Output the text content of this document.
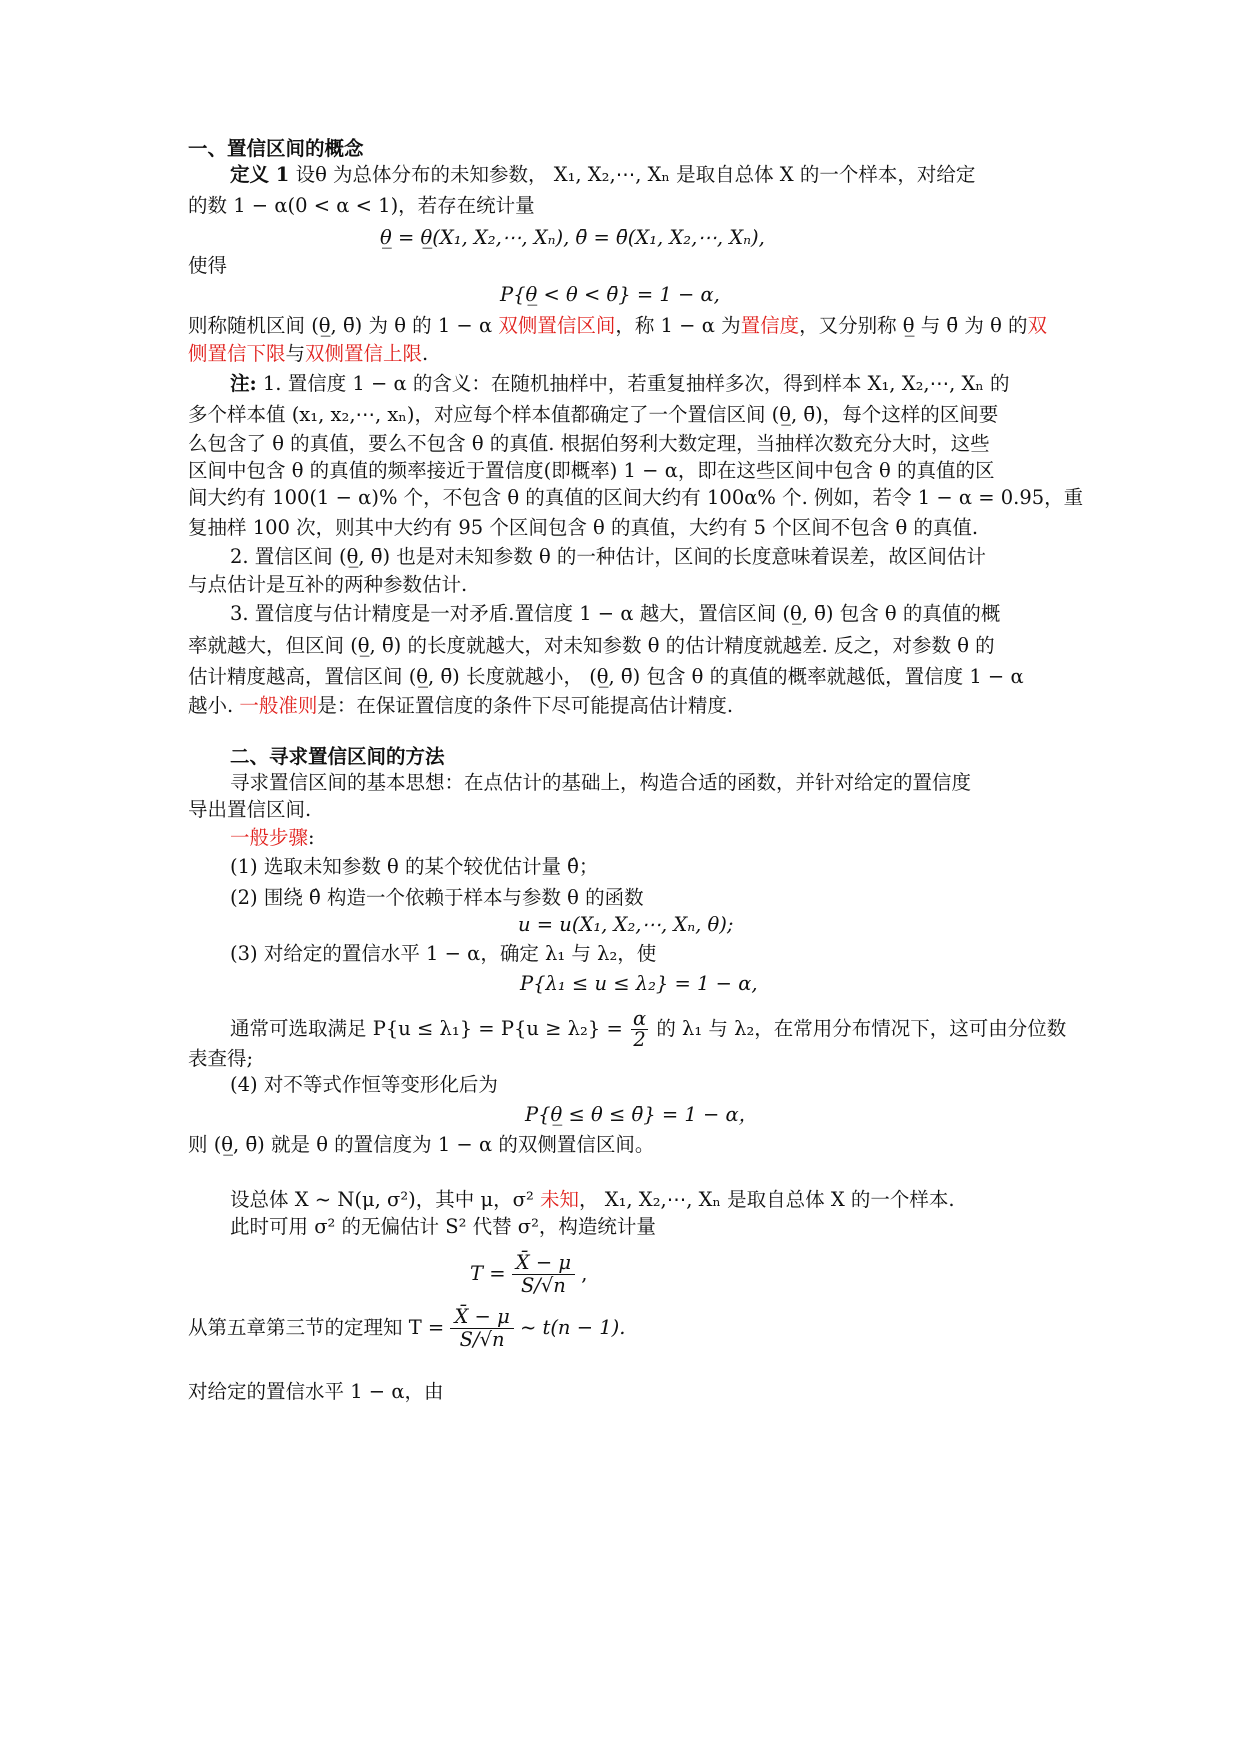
一、置信区间的概念
定义 1 设θ 为总体分布的未知参数， X₁, X₂,⋯, Xₙ 是取自总体 X 的一个样本，对给定
的数 1 − α(0 < α < 1)，若存在统计量
θ̲ = θ̲(X₁, X₂,⋯, Xₙ), θ̄ = θ̄(X₁, X₂,⋯, Xₙ),
使得
P{θ̲ < θ < θ̄} = 1 − α,
则称随机区间 (θ̲, θ̄) 为 θ 的 1 − α 双侧置信区间，称 1 − α 为置信度，又分别称 θ̲ 与 θ̄ 为 θ 的双
侧置信下限与双侧置信上限.
注: 1. 置信度 1 − α 的含义：在随机抽样中，若重复抽样多次，得到样本 X₁, X₂,⋯, Xₙ 的
多个样本值 (x₁, x₂,⋯, xₙ)，对应每个样本值都确定了一个置信区间 (θ̲, θ̄)，每个这样的区间要
么包含了 θ 的真值，要么不包含 θ 的真值. 根据伯努利大数定理，当抽样次数充分大时，这些
区间中包含 θ 的真值的频率接近于置信度(即概率) 1 − α，即在这些区间中包含 θ 的真值的区
间大约有 100(1 − α)% 个，不包含 θ 的真值的区间大约有 100α% 个. 例如，若令 1 − α = 0.95，重
复抽样 100 次，则其中大约有 95 个区间包含 θ 的真值，大约有 5 个区间不包含 θ 的真值.
2. 置信区间 (θ̲, θ̄) 也是对未知参数 θ 的一种估计，区间的长度意味着误差，故区间估计
与点估计是互补的两种参数估计.
3. 置信度与估计精度是一对矛盾.置信度 1 − α 越大，置信区间 (θ̲, θ̄) 包含 θ 的真值的概
率就越大，但区间 (θ̲, θ̄) 的长度就越大，对未知参数 θ 的估计精度就越差. 反之，对参数 θ 的
估计精度越高，置信区间 (θ̲, θ̄) 长度就越小， (θ̲, θ̄) 包含 θ 的真值的概率就越低，置信度 1 − α
越小. 一般准则是：在保证置信度的条件下尽可能提高估计精度.
二、寻求置信区间的方法
寻求置信区间的基本思想：在点估计的基础上，构造合适的函数，并针对给定的置信度
导出置信区间.
一般步骤:
(1) 选取未知参数 θ 的某个较优估计量 θ̂；
(2) 围绕 θ̂ 构造一个依赖于样本与参数 θ 的函数
u = u(X₁, X₂,⋯, Xₙ, θ);
(3) 对给定的置信水平 1 − α，确定 λ₁ 与 λ₂，使
P{λ₁ ≤ u ≤ λ₂} = 1 − α,
通常可选取满足 $P\{u \le \lambda_1\} = P\{u \ge \lambda_2\} = \frac{\alpha}{2}$ 的 λ₁ 与 λ₂，在常用分布情况下，这可由分位数
表查得;
(4) 对不等式作恒等变形化后为
P{θ̲ ≤ θ ≤ θ̄} = 1 − α，
则 (θ̲, θ̄) 就是 θ 的置信度为 1 − α 的双侧置信区间。
设总体 X ~ N(μ, σ²)，其中 μ，σ² 未知， X₁, X₂,⋯, Xₙ 是取自总体 X 的一个样本.
此时可用 σ² 的无偏估计 S² 代替 σ²，构造统计量
$T = \frac{X̄ - \mu}{S/√n}$ ,
从第五章第三节的定理知 $T = \frac{X̄ - \mu}{S/√n}$ ~ t(n − 1).
对给定的置信水平 1 − α，由
